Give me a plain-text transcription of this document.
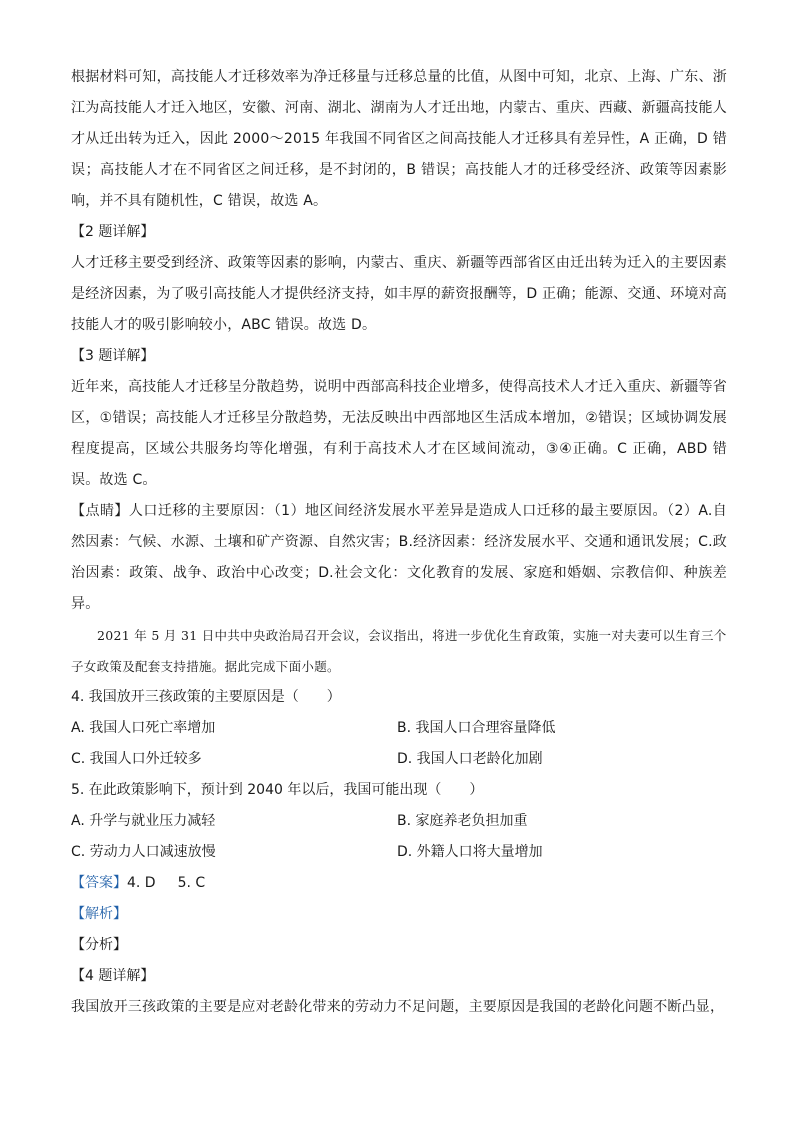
根据材料可知，高技能人才迁移效率为净迁移量与迁移总量的比值，从图中可知，北京、上海、广东、浙江为高技能人才迁入地区，安徽、河南、湖北、湖南为人才迁出地，内蒙古、重庆、西藏、新疆高技能人才从迁出转为迁入，因此 2000～2015 年我国不同省区之间高技能人才迁移具有差异性，A 正确，D 错误；高技能人才在不同省区之间迁移，是不封闭的，B 错误；高技能人才的迁移受经济、政策等因素影响，并不具有随机性，C 错误，故选 A。

【2 题详解】

人才迁移主要受到经济、政策等因素的影响，内蒙古、重庆、新疆等西部省区由迁出转为迁入的主要因素是经济因素，为了吸引高技能人才提供经济支持，如丰厚的薪资报酬等，D 正确；能源、交通、环境对高技能人才的吸引影响较小，ABC 错误。故选 D。

【3 题详解】

近年来，高技能人才迁移呈分散趋势，说明中西部高科技企业增多，使得高技术人才迁入重庆、新疆等省区，①错误；高技能人才迁移呈分散趋势，无法反映出中西部地区生活成本增加，②错误；区域协调发展程度提高，区域公共服务均等化增强，有利于高技术人才在区域间流动，③④正确。C 正确，ABD 错误。故选 C。

【点睛】人口迁移的主要原因：（1）地区间经济发展水平差异是造成人口迁移的最主要原因。（2）A.自然因素：气候、水源、土壤和矿产资源、自然灾害；B.经济因素：经济发展水平、交通和通讯发展；C.政治因素：政策、战争、政治中心改变；D.社会文化：文化教育的发展、家庭和婚姻、宗教信仰、种族差异。

2021 年 5 月 31 日中共中央政治局召开会议，会议指出，将进一步优化生育政策，实施一对夫妻可以生育三个子女政策及配套支持措施。据此完成下面小题。

4. 我国放开三孩政策的主要原因是（　　）

A. 我国人口死亡率增加	B. 我国人口合理容量降低
C. 我国人口外迁较多	D. 我国人口老龄化加剧

5. 在此政策影响下，预计到 2040 年以后，我国可能出现（　　）

A. 升学与就业压力减轻	B. 家庭养老负担加重
C. 劳动力人口减速放慢	D. 外籍人口将大量增加

【答案】4. D 5. C

【解析】

【分析】

【4 题详解】

我国放开三孩政策的主要是应对老龄化带来的劳动力不足问题，主要原因是我国的老龄化问题不断凸显，
